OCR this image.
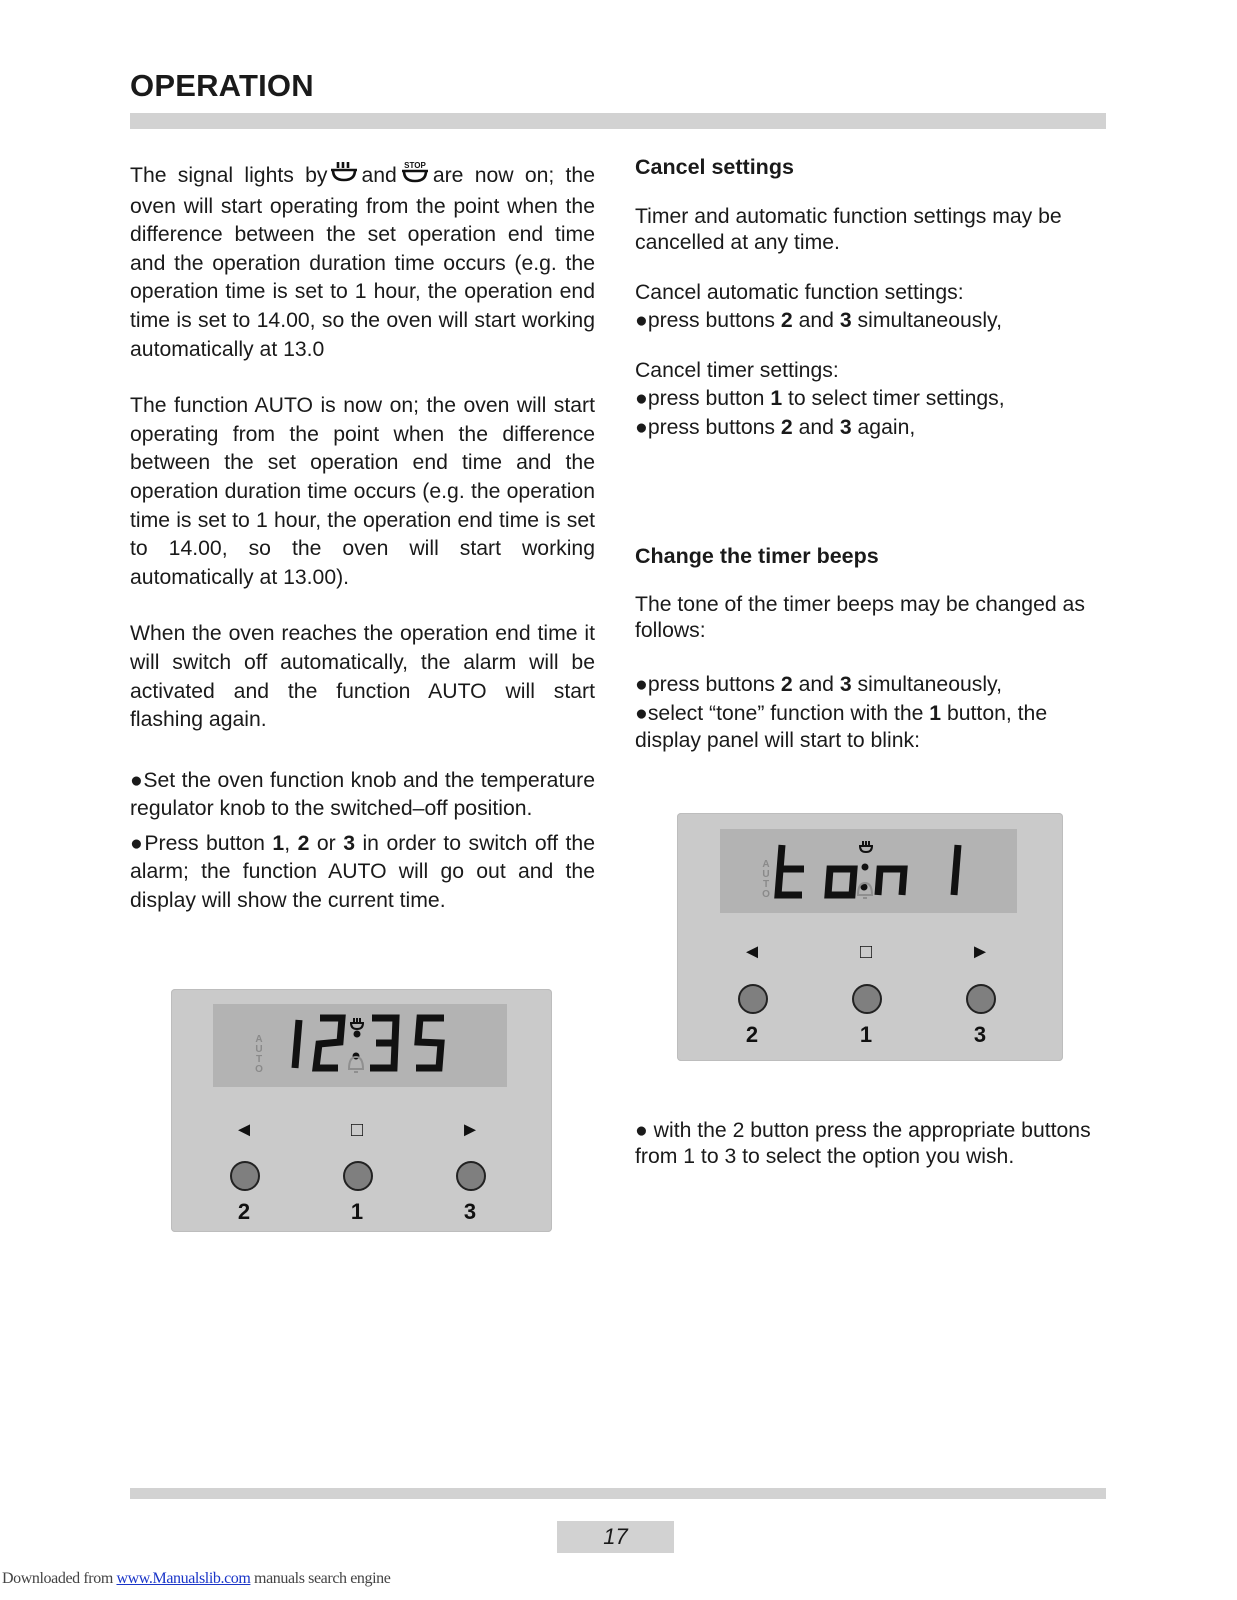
OPERATION

The signal lights by and STOP are now on; the oven will start operating from the point when the difference between the set operation end time and the operation duration time occurs (e.g. the operation time is set to 1 hour, the operation end time is set to 14.00, so the oven will start working automatically at 13.0

The function AUTO is now on; the oven will start operating from the point when the difference between the set operation end time and the operation duration time occurs (e.g. the operation time is set to 1 hour, the operation end time is set to 14.00, so the oven will start working automatically at 13.00).

When the oven reaches the operation end time it will switch off automatically, the alarm will be activated and the function AUTO will start flashing again.

● Set the oven function knob and the temperature regulator knob to the switched–off position.

● Press button 1, 2 or 3 in order to switch off the alarm; the function AUTO will go out and the display will show the current time.

A
U
T
O
◄	□	►
2	1	3

Cancel settings

Timer and automatic function settings may be cancelled at any time.

Cancel automatic function settings:

● press buttons 2 and 3 simultaneously,

Cancel timer settings:

● press button 1 to select timer settings,

● press buttons 2 and 3 again,

Change the timer beeps

The tone of the timer beeps may be changed as follows:

● press buttons 2 and 3 simultaneously,

● select “tone” function with the 1 button, the display panel will start to blink:

A
U
T
O
◄	□	►
2	1	3

● with the 2 button press the appropriate buttons from 1 to 3 to select the option you wish.

17
Downloaded from www.Manualslib.com manuals search engine
